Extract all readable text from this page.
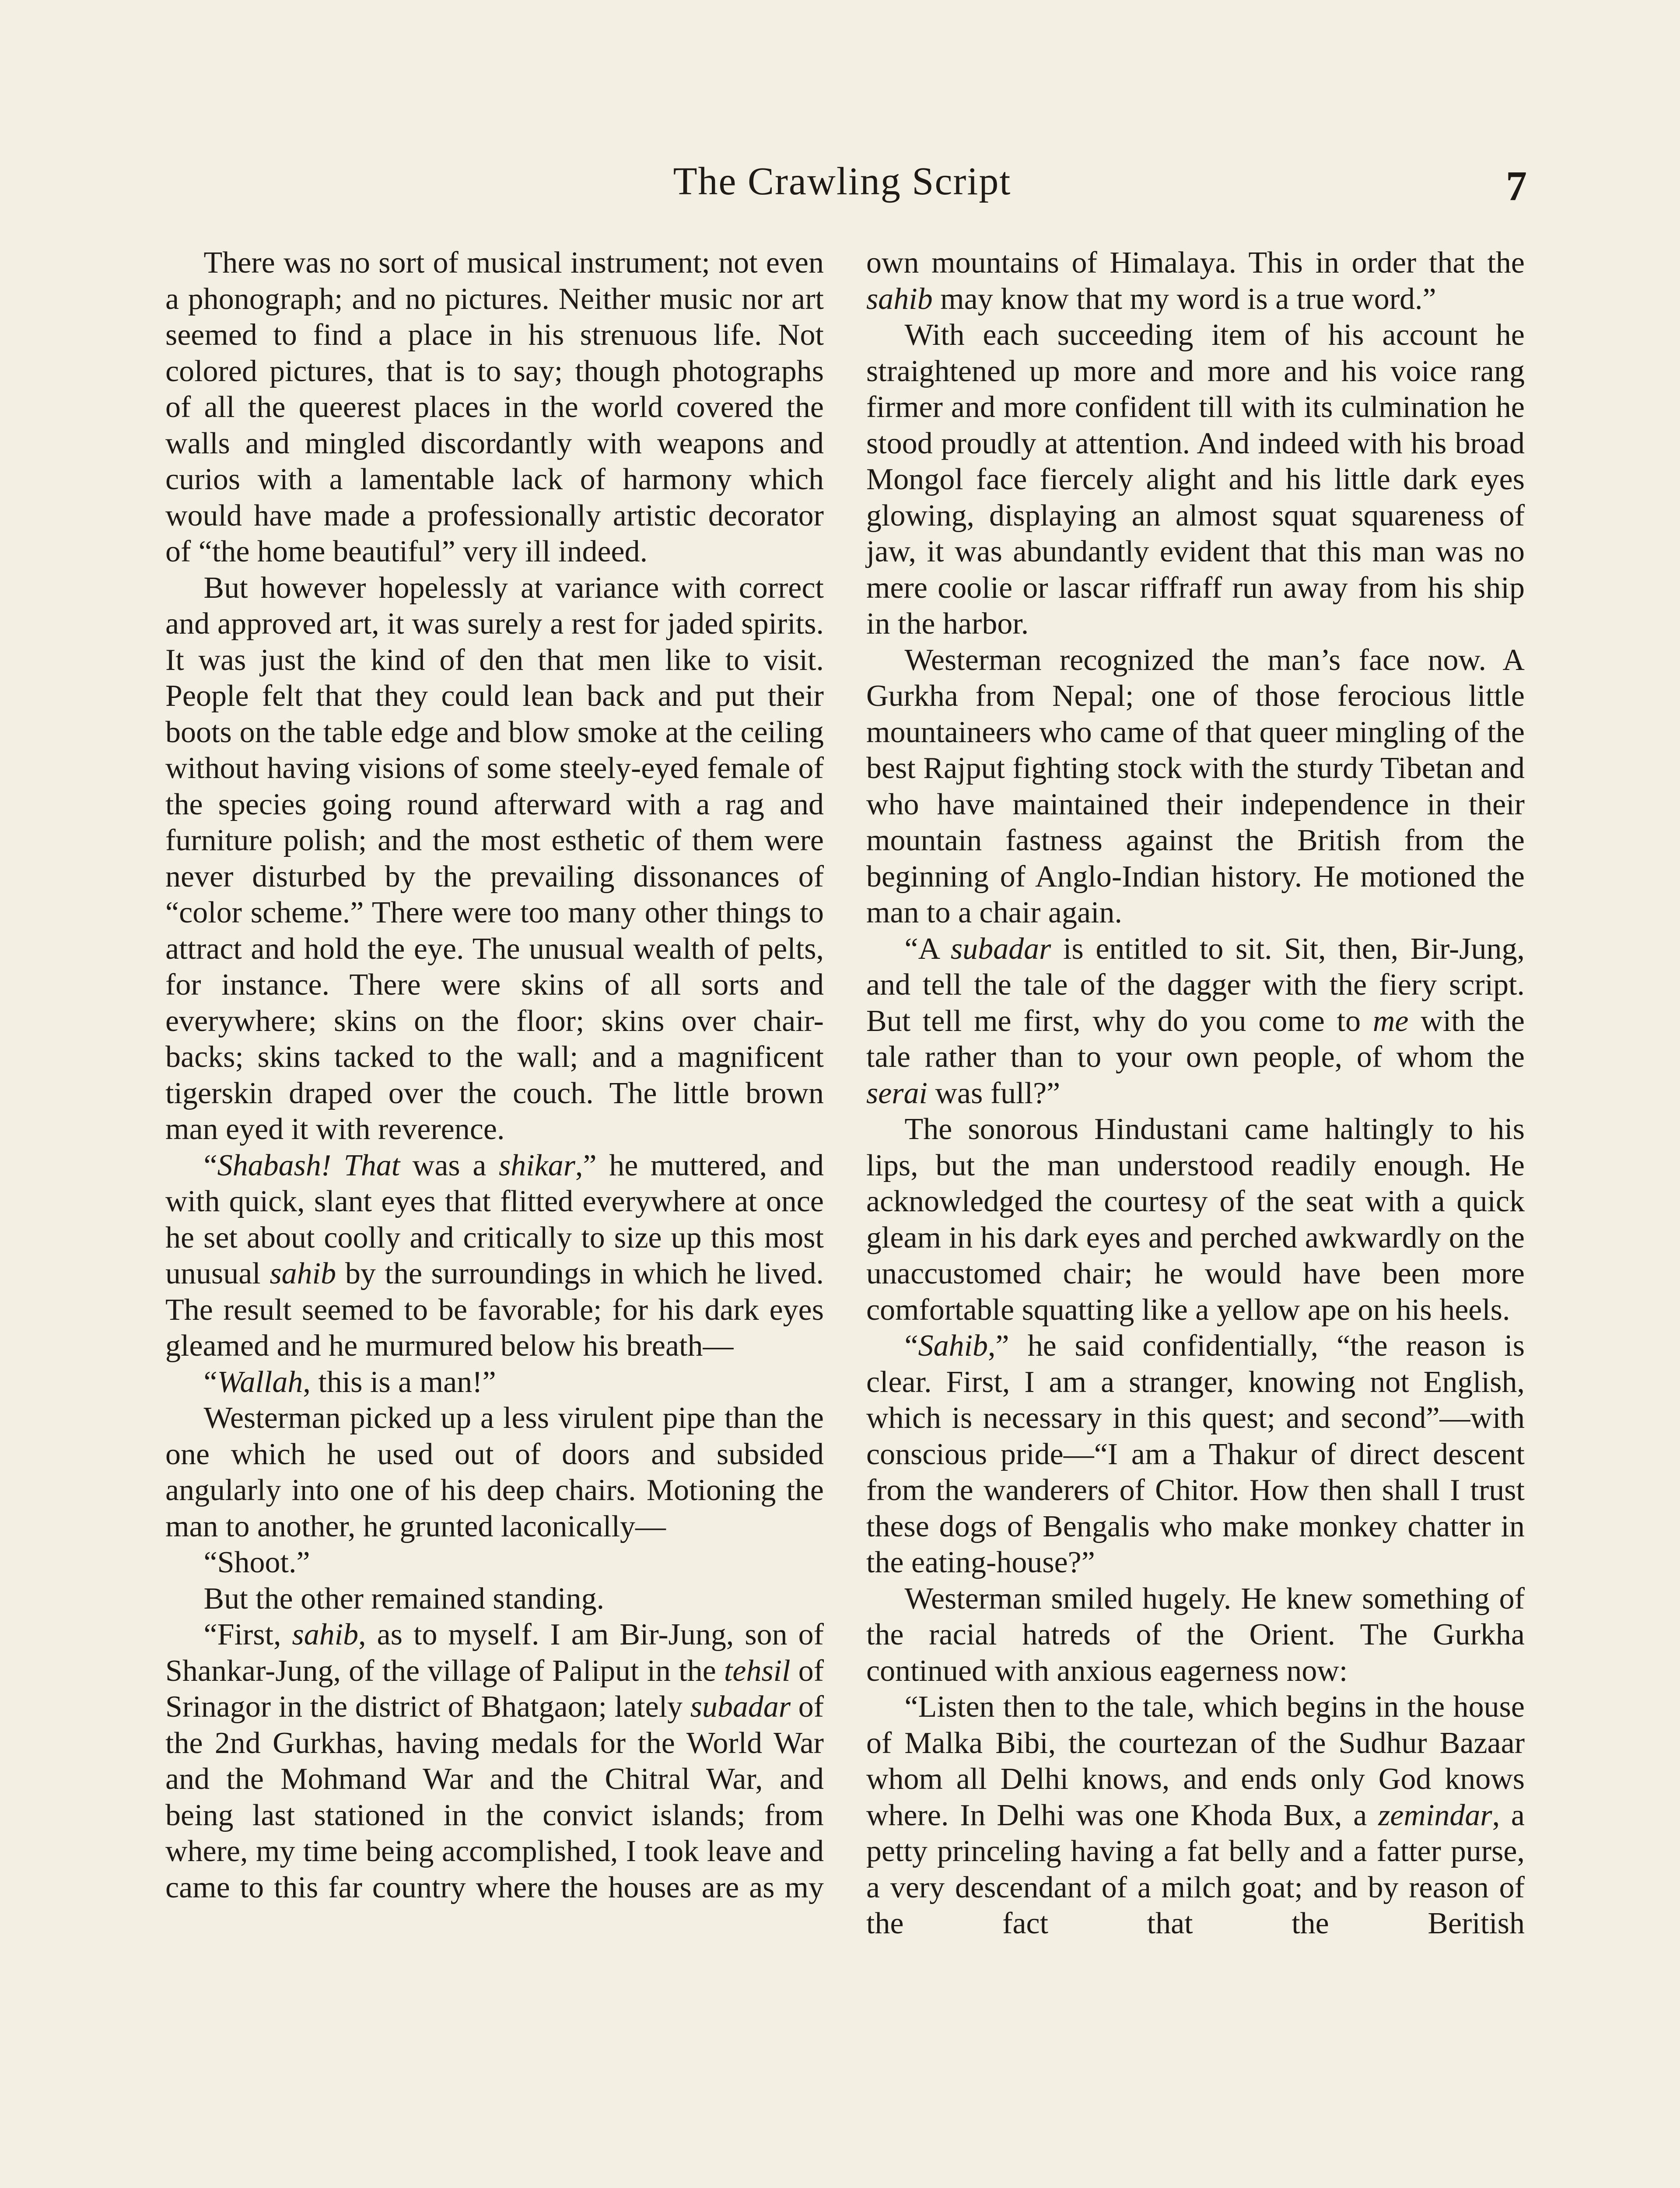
The Crawling Script	7

There was no sort of musical instrument; not even a phonograph; and no pictures. Neither music nor art seemed to find a place in his strenuous life. Not colored pictures, that is to say; though photographs of all the queerest places in the world covered the walls and mingled discordantly with weapons and curios with a lamentable lack of harmony which would have made a professionally artistic decorator of “the home beautiful” very ill indeed.

But however hopelessly at variance with correct and approved art, it was surely a rest for jaded spirits. It was just the kind of den that men like to visit. People felt that they could lean back and put their boots on the table edge and blow smoke at the ceiling without having visions of some steely-eyed female of the species going round afterward with a rag and furniture polish; and the most esthetic of them were never disturbed by the prevailing dissonances of “color scheme.” There were too many other things to attract and hold the eye. The unusual wealth of pelts, for instance. There were skins of all sorts and everywhere; skins on the floor; skins over chair-backs; skins tacked to the wall; and a magnificent tigerskin draped over the couch. The little brown man eyed it with reverence.

“Shabash! That was a shikar,” he muttered, and with quick, slant eyes that flitted everywhere at once he set about coolly and critically to size up this most unusual sahib by the surroundings in which he lived. The result seemed to be favorable; for his dark eyes gleamed and he murmured below his breath—

“Wallah, this is a man!”

Westerman picked up a less virulent pipe than the one which he used out of doors and subsided angularly into one of his deep chairs. Motioning the man to another, he grunted laconically—

“Shoot.”

But the other remained standing.

“First, sahib, as to myself. I am Bir-Jung, son of Shankar-Jung, of the village of Paliput in the tehsil of Srinagor in the district of Bhatgaon; lately subadar of the 2nd Gurkhas, having medals for the World War and the Mohmand War and the Chitral War, and being last stationed in the convict islands; from where, my time being accomplished, I took leave and came to this far country where the houses are as my

own mountains of Himalaya. This in order that the sahib may know that my word is a true word.”

With each succeeding item of his account he straightened up more and more and his voice rang firmer and more confident till with its culmination he stood proudly at attention. And indeed with his broad Mongol face fiercely alight and his little dark eyes glowing, displaying an almost squat squareness of jaw, it was abundantly evident that this man was no mere coolie or lascar riffraff run away from his ship in the harbor.

Westerman recognized the man’s face now. A Gurkha from Nepal; one of those ferocious little mountaineers who came of that queer mingling of the best Rajput fighting stock with the sturdy Tibetan and who have maintained their independence in their mountain fastness against the British from the beginning of Anglo-Indian history. He motioned the man to a chair again.

“A subadar is entitled to sit. Sit, then, Bir-Jung, and tell the tale of the dagger with the fiery script. But tell me first, why do you come to me with the tale rather than to your own people, of whom the serai was full?”

The sonorous Hindustani came haltingly to his lips, but the man understood readily enough. He acknowledged the courtesy of the seat with a quick gleam in his dark eyes and perched awkwardly on the unaccustomed chair; he would have been more comfortable squatting like a yellow ape on his heels.

“Sahib,” he said confidentially, “the reason is clear. First, I am a stranger, knowing not English, which is necessary in this quest; and second”—with conscious pride—“I am a Thakur of direct descent from the wanderers of Chitor. How then shall I trust these dogs of Bengalis who make monkey chatter in the eating-house?”

Westerman smiled hugely. He knew something of the racial hatreds of the Orient. The Gurkha continued with anxious eagerness now:

“Listen then to the tale, which begins in the house of Malka Bibi, the courtezan of the Sudhur Bazaar whom all Delhi knows, and ends only God knows where. In Delhi was one Khoda Bux, a zemindar, a petty princeling having a fat belly and a fatter purse, a very descendant of a milch goat; and by reason of the fact that the Beritish
